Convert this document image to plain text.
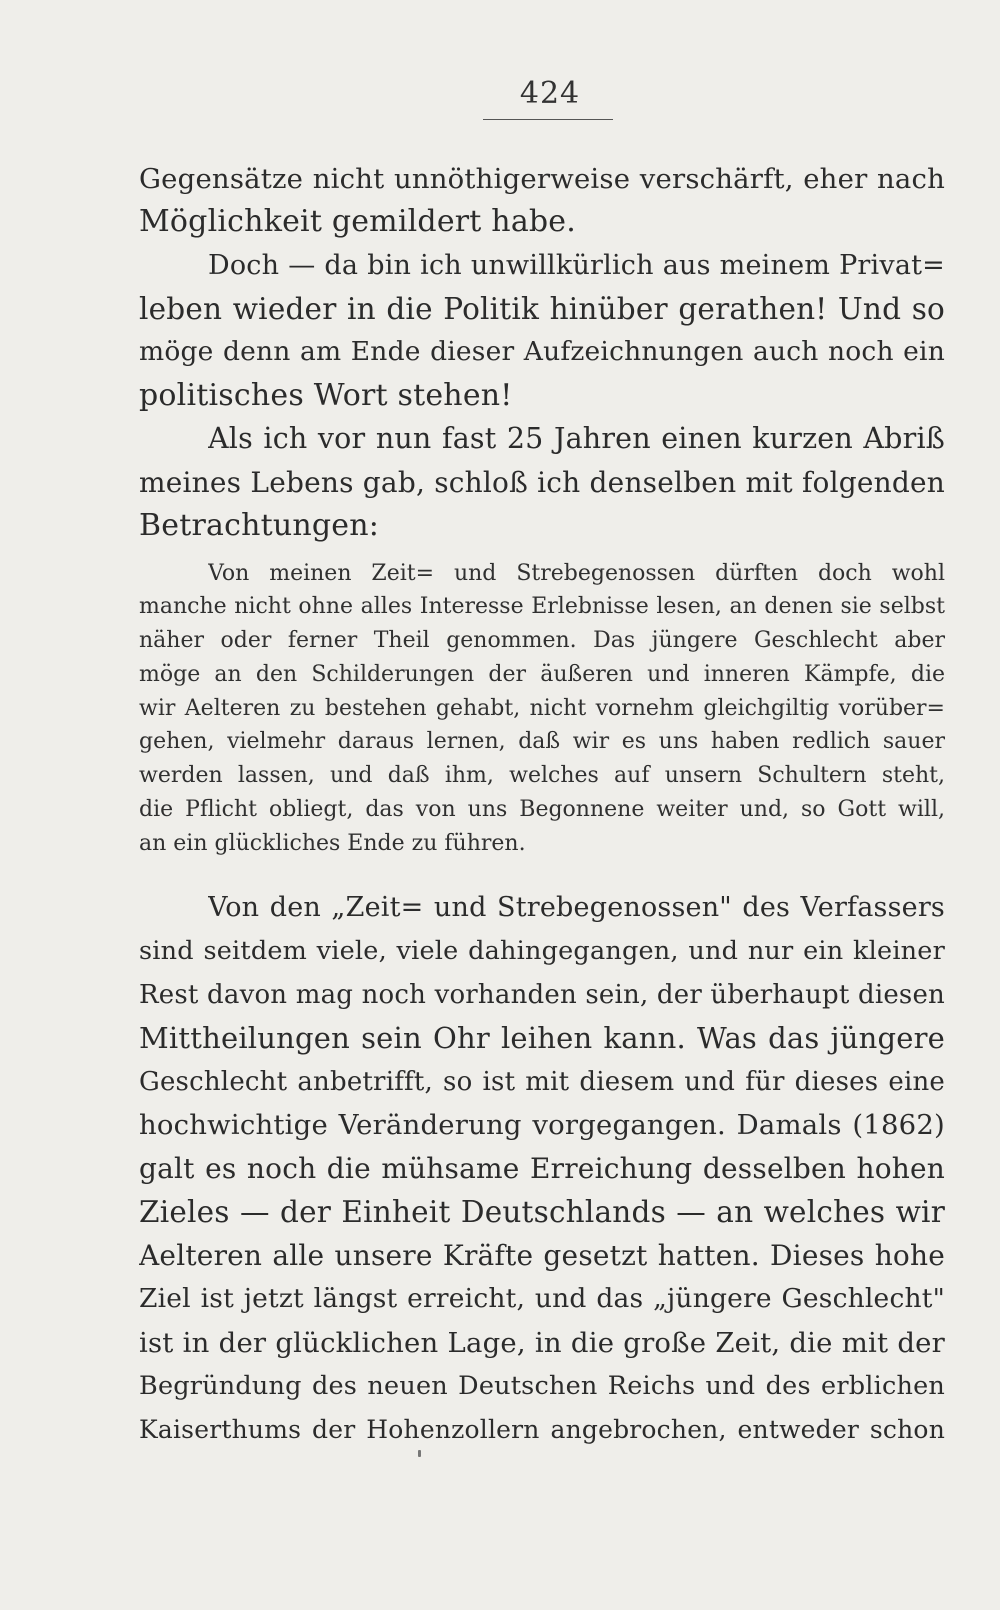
424
Gegensätze nicht unnöthigerweise verschärft, eher nach
Möglichkeit gemildert habe.
Doch — da bin ich unwillkürlich aus meinem Privat=
leben wieder in die Politik hinüber gerathen! Und so
möge denn am Ende dieser Aufzeichnungen auch noch ein
politisches Wort stehen!
Als ich vor nun fast 25 Jahren einen kurzen Abriß
meines Lebens gab, schloß ich denselben mit folgenden
Betrachtungen:
Von meinen Zeit= und Strebegenossen dürften doch wohl
manche nicht ohne alles Interesse Erlebnisse lesen, an denen sie selbst
näher oder ferner Theil genommen. Das jüngere Geschlecht aber
möge an den Schilderungen der äußeren und inneren Kämpfe, die
wir Aelteren zu bestehen gehabt, nicht vornehm gleichgiltig vorüber=
gehen, vielmehr daraus lernen, daß wir es uns haben redlich sauer
werden lassen, und daß ihm, welches auf unsern Schultern steht,
die Pflicht obliegt, das von uns Begonnene weiter und, so Gott will,
an ein glückliches Ende zu führen.
Von den „Zeit= und Strebegenossen" des Verfassers
sind seitdem viele, viele dahingegangen, und nur ein kleiner
Rest davon mag noch vorhanden sein, der überhaupt diesen
Mittheilungen sein Ohr leihen kann. Was das jüngere
Geschlecht anbetrifft, so ist mit diesem und für dieses eine
hochwichtige Veränderung vorgegangen. Damals (1862)
galt es noch die mühsame Erreichung desselben hohen
Zieles — der Einheit Deutschlands — an welches wir
Aelteren alle unsere Kräfte gesetzt hatten. Dieses hohe
Ziel ist jetzt längst erreicht, und das „jüngere Geschlecht"
ist in der glücklichen Lage, in die große Zeit, die mit der
Begründung des neuen Deutschen Reichs und des erblichen
Kaiserthums der Hohenzollern angebrochen, entweder schon
